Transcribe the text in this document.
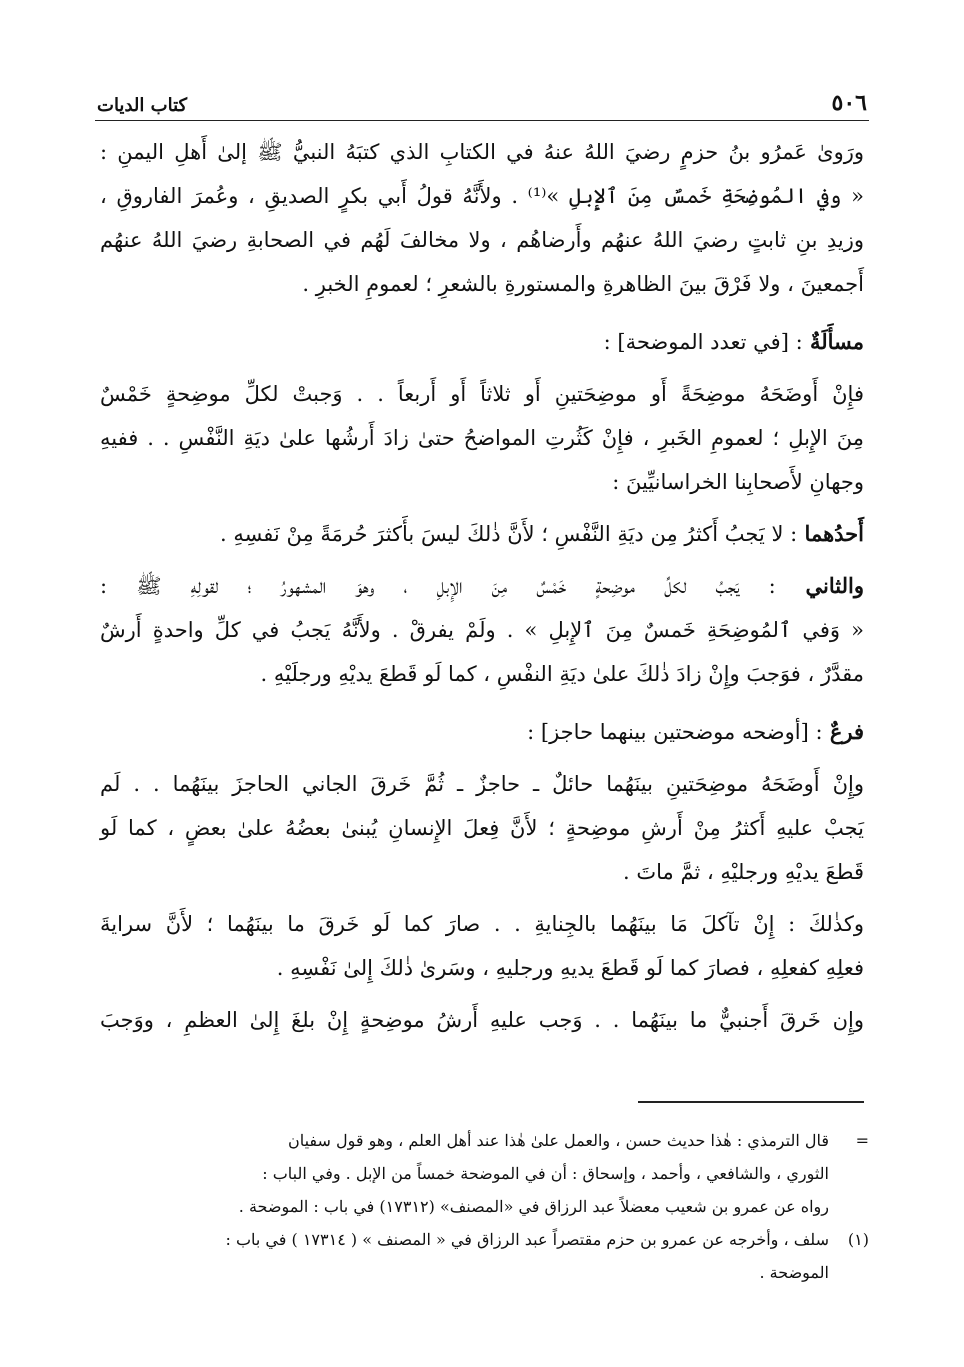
٥٠٦
كتاب الديات
ورَوىٰ عَمرُو بنُ حزمٍ رضيَ اللهُ عنهُ في الكتابِ الذي كتبَهُ النبيُّ ﷺ إلىٰ أَهلِ اليمنِ :
« وفي المُوضِحَةِ خَمسٌ مِنَ ٱلإِبلِ »⁽¹⁾ . ولأَنَّهُ قولُ أَبي بكرٍ الصديقِ ، وعُمرَ الفاروقِ ،
وزيدِ بنِ ثابتٍ رضيَ اللهُ عنهُم وأَرضاهُم ، ولا مخالفَ لَهُم في الصحابةِ رضيَ اللهُ عنهُم
أَجمعينَ ، ولا فَرْقَ بينَ الظاهرةِ والمستورةِ بالشعرِ ؛ لعمومِ الخبرِ .
مسأَلَةٌ : [في تعدد الموضحة] :
فإِنْ أَوضَحَهُ موضِحَةً أَو موضِحَتينِ أَو ثلاثاً أَو أَربعاً . . وَجبتْ لكلِّ موضِحةٍ خَمْسٌ
مِنَ الإِبلِ ؛ لعمومِ الخَبرِ ، فإِنْ كَثُرتِ المواضحُ حتىٰ زادَ أَرشُها علىٰ ديَةِ النَّفْسِ . . ففيهِ
وجهانِ لأَصحابِنا الخراسانيِّينَ :
أَحدُهما : لا يَجبُ أَكثرُ مِن ديَةِ النَّفْسِ ؛ لأَنَّ ذٰلكَ ليسَ بأَكثرَ حُرمَةً مِنْ نَفسِهِ .
والثاني : يَجبُ لكلِّ موضِحةٍ خَمْسٌ مِنَ الإِبلِ ، وهوَ المشهورُ ؛ لقولِهِ ﷺ :
« وَفي ٱلمُوضِحَةِ خَمسٌ مِنَ ٱلإِبلِ » . ولَمْ يفرقْ . ولأَنَّهُ يَجبُ في كلِّ واحدةٍ أَرشٌ
مقدَّرٌ ، فوَجبَ وإِنْ زادَ ذٰلكَ علىٰ ديَةِ النفْسِ ، كما لَو قَطعَ يديْهِ ورجلَيْهِ .
فرعٌ : [أوضحه موضحتين بينهما حاجز] :
وإِنْ أَوضَحَهُ موضِحَتينِ بينَهُما حائلٌ ـ حاجزٌ ـ ثُمَّ خَرقَ الجاني الحاجزَ بينَهُما . . لَم
يَجبْ عليهِ أَكثرُ مِنْ أَرشِ موضِحةٍ ؛ لأَنَّ فِعلَ الإِنسانِ يُبنىٰ بعضُهُ علىٰ بعضٍ ، كما لَو
قَطعَ يديْهِ ورجليْهِ ، ثمَّ ماتَ .
وكذٰلكَ : إِنْ تآكلَ مَا بينَهُما بالجِنايةِ . . صارَ كما لَو خَرقَ ما بينَهُما ؛ لأَنَّ سرايةَ
فعلِهِ كفعلِهِ ، فصارَ كما لَو قَطعَ يديهِ ورجليهِ ، وسَرىٰ ذٰلكَ إِلىٰ نَفْسِهِ .
وإِن خَرقَ أَجنبيٌّ ما بينَهُما . . وَجب عليهِ أَرشُ موضِحةٍ إِنْ بلغَ إِلىٰ العظمِ ، ووَجبَ
=
قال الترمذي : هٰذا حديث حسن ، والعمل علىٰ هٰذا عند أهل العلم ، وهو قول سفيان
الثوري ، والشافعي ، وأحمد ، وإسحاق : أن في الموضحة خمساً من الإبل . وفي الباب :
رواه عن عمرو بن شعيب معضلاً عبد الرزاق في «المصنف» (١٧٣١٢) في باب : الموضحة .
(١)
سلف ، وأخرجه عن عمرو بن حزم مقتصراً عبد الرزاق في « المصنف » ( ١٧٣١٤ ) في باب :
الموضحة .
